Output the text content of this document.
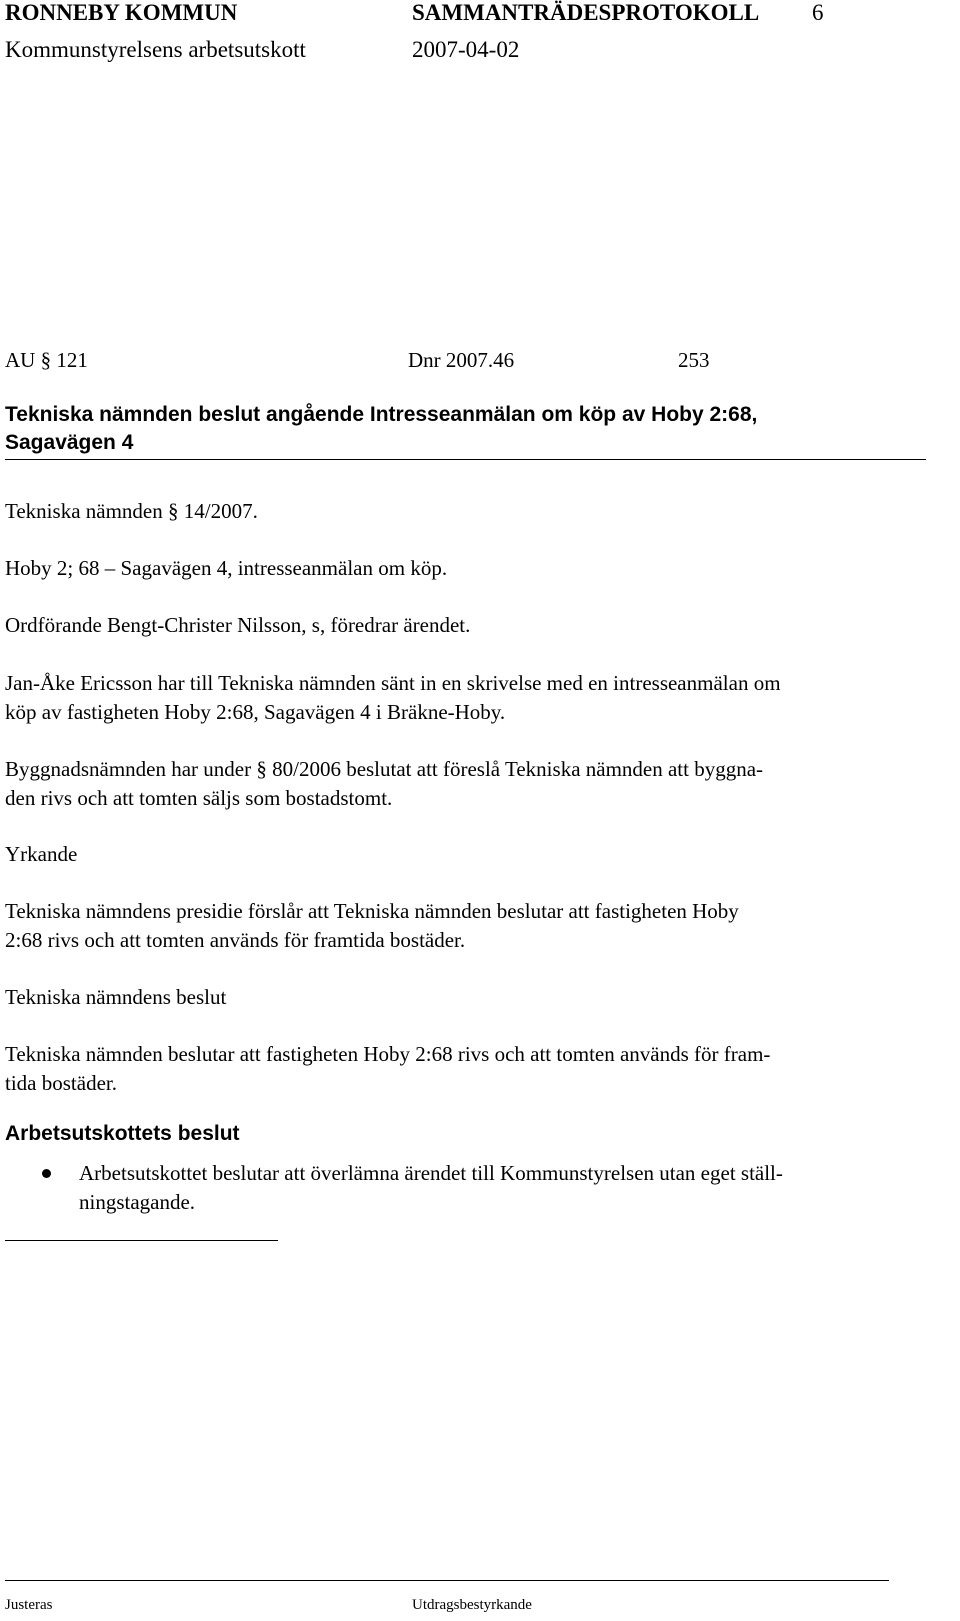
RONNEBY KOMMUN	SAMMANTRÄDESPROTOKOLL 6
Kommunstyrelsens arbetsutskott	2007-04-02
AU § 121	Dnr 2007.46	253
Tekniska nämnden beslut angående Intresseanmälan om köp av Hoby 2:68,
Sagavägen 4
Tekniska nämnden § 14/2007.
Hoby 2; 68 – Sagavägen 4, intresseanmälan om köp.
Ordförande Bengt-Christer Nilsson, s, föredrar ärendet.
Jan-Åke Ericsson har till Tekniska nämnden sänt in en skrivelse med en intresseanmälan om
köp av fastigheten Hoby 2:68, Sagavägen 4 i Bräkne-Hoby.
Byggnadsnämnden har under § 80/2006 beslutat att föreslå Tekniska nämnden att byggna-
den rivs och att tomten säljs som bostadstomt.
Yrkande
Tekniska nämndens presidie förslår att Tekniska nämnden beslutar att fastigheten Hoby
2:68 rivs och att tomten används för framtida bostäder.
Tekniska nämndens beslut
Tekniska nämnden beslutar att fastigheten Hoby 2:68 rivs och att tomten används för fram-
tida bostäder.
Arbetsutskottets beslut
Arbetsutskottet beslutar att överlämna ärendet till Kommunstyrelsen utan eget ställ-
ningstagande.
Justeras	Utdragsbestyrkande
